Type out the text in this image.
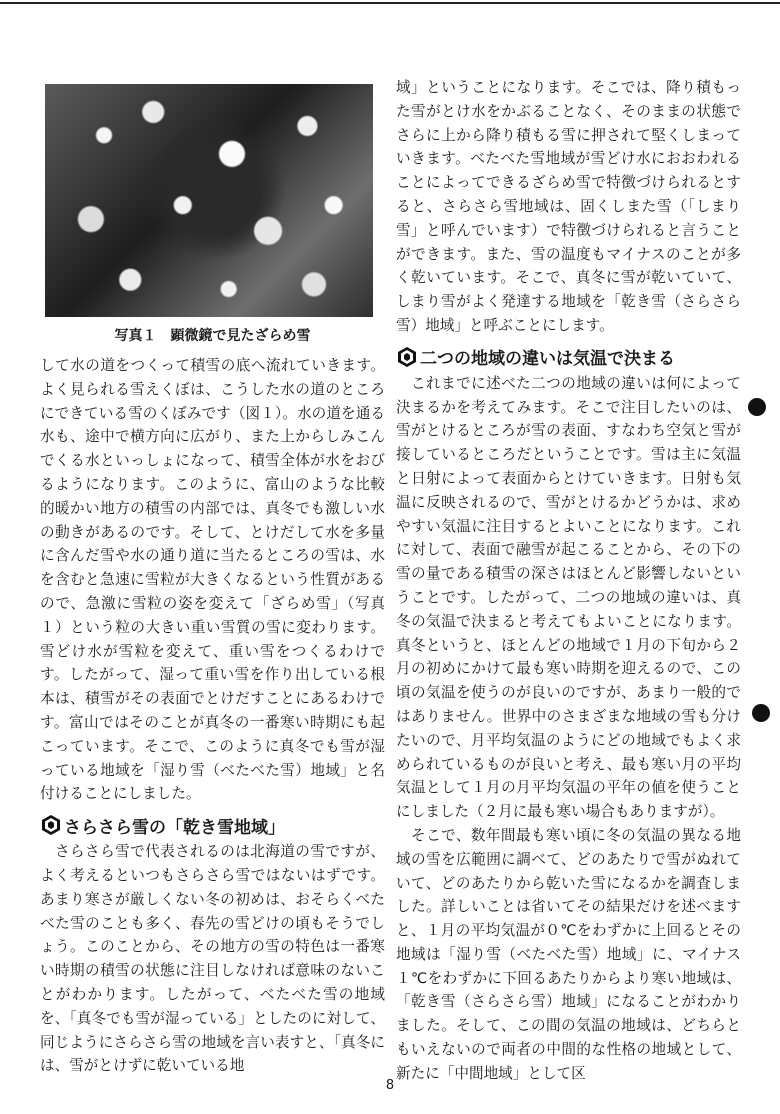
写真１　顕微鏡で見たざらめ雪

して水の道をつくって積雪の底へ流れていきます。よく見られる雪えくぼは、こうした水の道のところにできている雪のくぼみです（図１）。水の道を通る水も、途中で横方向に広がり、また上からしみこんでくる水といっしょになって、積雪全体が水をおびるようになります。このように、富山のような比較的暖かい地方の積雪の内部では、真冬でも激しい水の動きがあるのです。そして、とけだして水を多量に含んだ雪や水の通り道に当たるところの雪は、水を含むと急速に雪粒が大きくなるという性質があるので、急激に雪粒の姿を変えて「ざらめ雪」（写真１）という粒の大きい重い雪質の雪に変わります。雪どけ水が雪粒を変えて、重い雪をつくるわけです。したがって、湿って重い雪を作り出している根本は、積雪がその表面でとけだすことにあるわけです。富山ではそのことが真冬の一番寒い時期にも起こっています。そこで、このように真冬でも雪が湿っている地域を「湿り雪（べたべた雪）地域」と名付けることにしました。

さらさら雪の「乾き雪地域」

　さらさら雪で代表されるのは北海道の雪ですが、よく考えるといつもさらさら雪ではないはずです。あまり寒さが厳しくない冬の初めは、おそらくべたべた雪のことも多く、春先の雪どけの頃もそうでしょう。このことから、その地方の雪の特色は一番寒い時期の積雪の状態に注目しなければ意味のないことがわかります。したがって、べたべた雪の地域を、「真冬でも雪が湿っている」としたのに対して、同じようにさらさら雪の地域を言い表すと、「真冬には、雪がとけずに乾いている地

域」ということになります。そこでは、降り積もった雪がとけ水をかぶることなく、そのままの状態でさらに上から降り積もる雪に押されて堅くしまっていきます。べたべた雪地域が雪どけ水におおわれることによってできるざらめ雪で特徴づけられるとすると、さらさら雪地域は、固くしまた雪（「しまり雪」と呼んでいます）で特徴づけられると言うことができます。また、雪の温度もマイナスのことが多く乾いています。そこで、真冬に雪が乾いていて、しまり雪がよく発達する地域を「乾き雪（さらさら雪）地域」と呼ぶことにします。

二つの地域の違いは気温で決まる

　これまでに述べた二つの地域の違いは何によって決まるかを考えてみます。そこで注目したいのは、雪がとけるところが雪の表面、すなわち空気と雪が接しているところだということです。雪は主に気温と日射によって表面からとけていきます。日射も気温に反映されるので、雪がとけるかどうかは、求めやすい気温に注目するとよいことになります。これに対して、表面で融雪が起こることから、その下の雪の量である積雪の深さはほとんど影響しないということです。したがって、二つの地域の違いは、真冬の気温で決まると考えてもよいことになります。真冬というと、ほとんどの地域で１月の下旬から２月の初めにかけて最も寒い時期を迎えるので、この頃の気温を使うのが良いのですが、あまり一般的ではありません。世界中のさまざまな地域の雪も分けたいので、月平均気温のようにどの地域でもよく求められているものが良いと考え、最も寒い月の平均気温として１月の月平均気温の平年の値を使うことにしました（２月に最も寒い場合もありますが）。

　そこで、数年間最も寒い頃に冬の気温の異なる地域の雪を広範囲に調べて、どのあたりで雪がぬれていて、どのあたりから乾いた雪になるかを調査しました。詳しいことは省いてその結果だけを述べますと、１月の平均気温が０℃をわずかに上回るとその地域は「湿り雪（べたべた雪）地域」に、マイナス１℃をわずかに下回るあたりからより寒い地域は、「乾き雪（さらさら雪）地域」になることがわかりました。そして、この間の気温の地域は、どちらともいえないので両者の中間的な性格の地域として、新たに「中間地域」として区

8
